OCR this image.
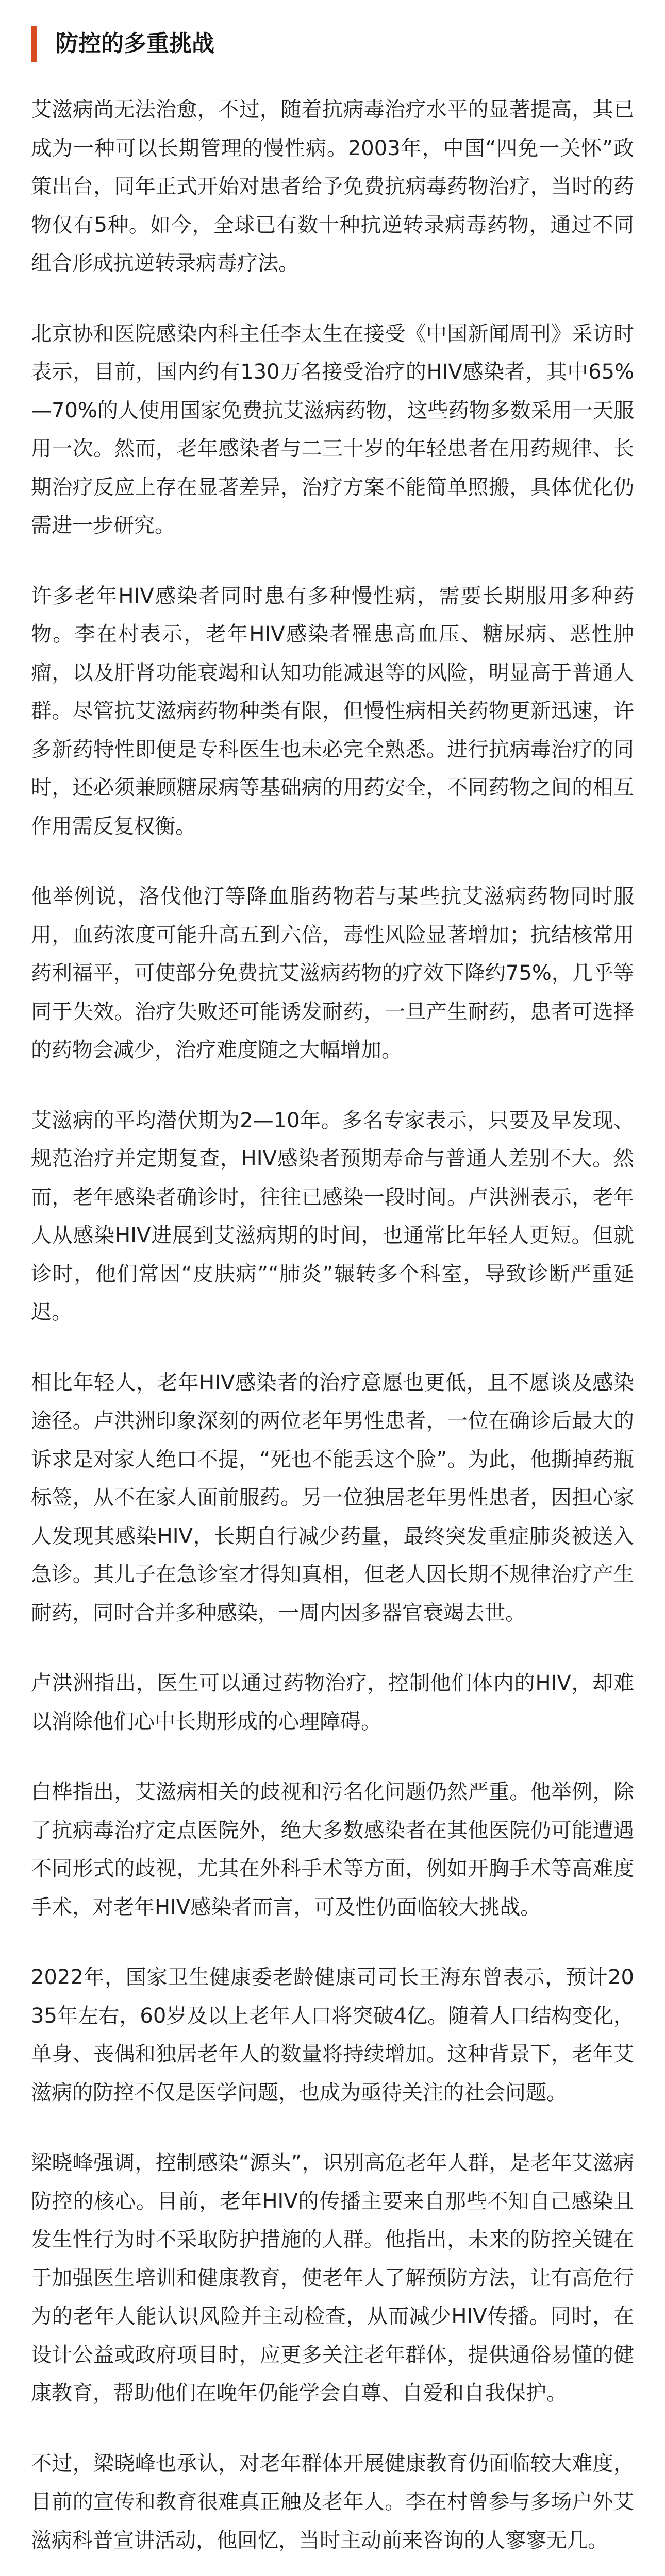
防控的多重挑战

艾滋病尚无法治愈，不过，随着抗病毒治疗水平的显著提高，其已成为一种可以长期管理的慢性病。2003年，中国“四免一关怀”政策出台，同年正式开始对患者给予免费抗病毒药物治疗，当时的药物仅有5种。如今，全球已有数十种抗逆转录病毒药物，通过不同组合形成抗逆转录病毒疗法。

北京协和医院感染内科主任李太生在接受《中国新闻周刊》采访时表示，目前，国内约有130万名接受治疗的HIV感染者，其中65%—70%的人使用国家免费抗艾滋病药物，这些药物多数采用一天服用一次。然而，老年感染者与二三十岁的年轻患者在用药规律、长期治疗反应上存在显著差异，治疗方案不能简单照搬，具体优化仍需进一步研究。

许多老年HIV感染者同时患有多种慢性病，需要长期服用多种药物。李在村表示，老年HIV感染者罹患高血压、糖尿病、恶性肿瘤，以及肝肾功能衰竭和认知功能减退等的风险，明显高于普通人群。尽管抗艾滋病药物种类有限，但慢性病相关药物更新迅速，许多新药特性即便是专科医生也未必完全熟悉。进行抗病毒治疗的同时，还必须兼顾糖尿病等基础病的用药安全，不同药物之间的相互作用需反复权衡。

他举例说，洛伐他汀等降血脂药物若与某些抗艾滋病药物同时服用，血药浓度可能升高五到六倍，毒性风险显著增加；抗结核常用药利福平，可使部分免费抗艾滋病药物的疗效下降约75%，几乎等同于失效。治疗失败还可能诱发耐药，一旦产生耐药，患者可选择的药物会减少，治疗难度随之大幅增加。

艾滋病的平均潜伏期为2—10年。多名专家表示，只要及早发现、规范治疗并定期复查，HIV感染者预期寿命与普通人差别不大。然而，老年感染者确诊时，往往已感染一段时间。卢洪洲表示，老年人从感染HIV进展到艾滋病期的时间，也通常比年轻人更短。但就诊时，他们常因“皮肤病”“肺炎”辗转多个科室，导致诊断严重延迟。

相比年轻人，老年HIV感染者的治疗意愿也更低，且不愿谈及感染途径。卢洪洲印象深刻的两位老年男性患者，一位在确诊后最大的诉求是对家人绝口不提，“死也不能丢这个脸”。为此，他撕掉药瓶标签，从不在家人面前服药。另一位独居老年男性患者，因担心家人发现其感染HIV，长期自行减少药量，最终突发重症肺炎被送入急诊。其儿子在急诊室才得知真相，但老人因长期不规律治疗产生耐药，同时合并多种感染，一周内因多器官衰竭去世。

卢洪洲指出，医生可以通过药物治疗，控制他们体内的HIV，却难以消除他们心中长期形成的心理障碍。

白桦指出，艾滋病相关的歧视和污名化问题仍然严重。他举例，除了抗病毒治疗定点医院外，绝大多数感染者在其他医院仍可能遭遇不同形式的歧视，尤其在外科手术等方面，例如开胸手术等高难度手术，对老年HIV感染者而言，可及性仍面临较大挑战。

2022年，国家卫生健康委老龄健康司司长王海东曾表示，预计2035年左右，60岁及以上老年人口将突破4亿。随着人口结构变化，单身、丧偶和独居老年人的数量将持续增加。这种背景下，老年艾滋病的防控不仅是医学问题，也成为亟待关注的社会问题。

梁晓峰强调，控制感染“源头”，识别高危老年人群，是老年艾滋病防控的核心。目前，老年HIV的传播主要来自那些不知自己感染且发生性行为时不采取防护措施的人群。他指出，未来的防控关键在于加强医生培训和健康教育，使老年人了解预防方法，让有高危行为的老年人能认识风险并主动检查，从而减少HIV传播。同时，在设计公益或政府项目时，应更多关注老年群体，提供通俗易懂的健康教育，帮助他们在晚年仍能学会自尊、自爱和自我保护。

不过，梁晓峰也承认，对老年群体开展健康教育仍面临较大难度，目前的宣传和教育很难真正触及老年人。李在村曾参与多场户外艾滋病科普宣讲活动，他回忆，当时主动前来咨询的人寥寥无几。
